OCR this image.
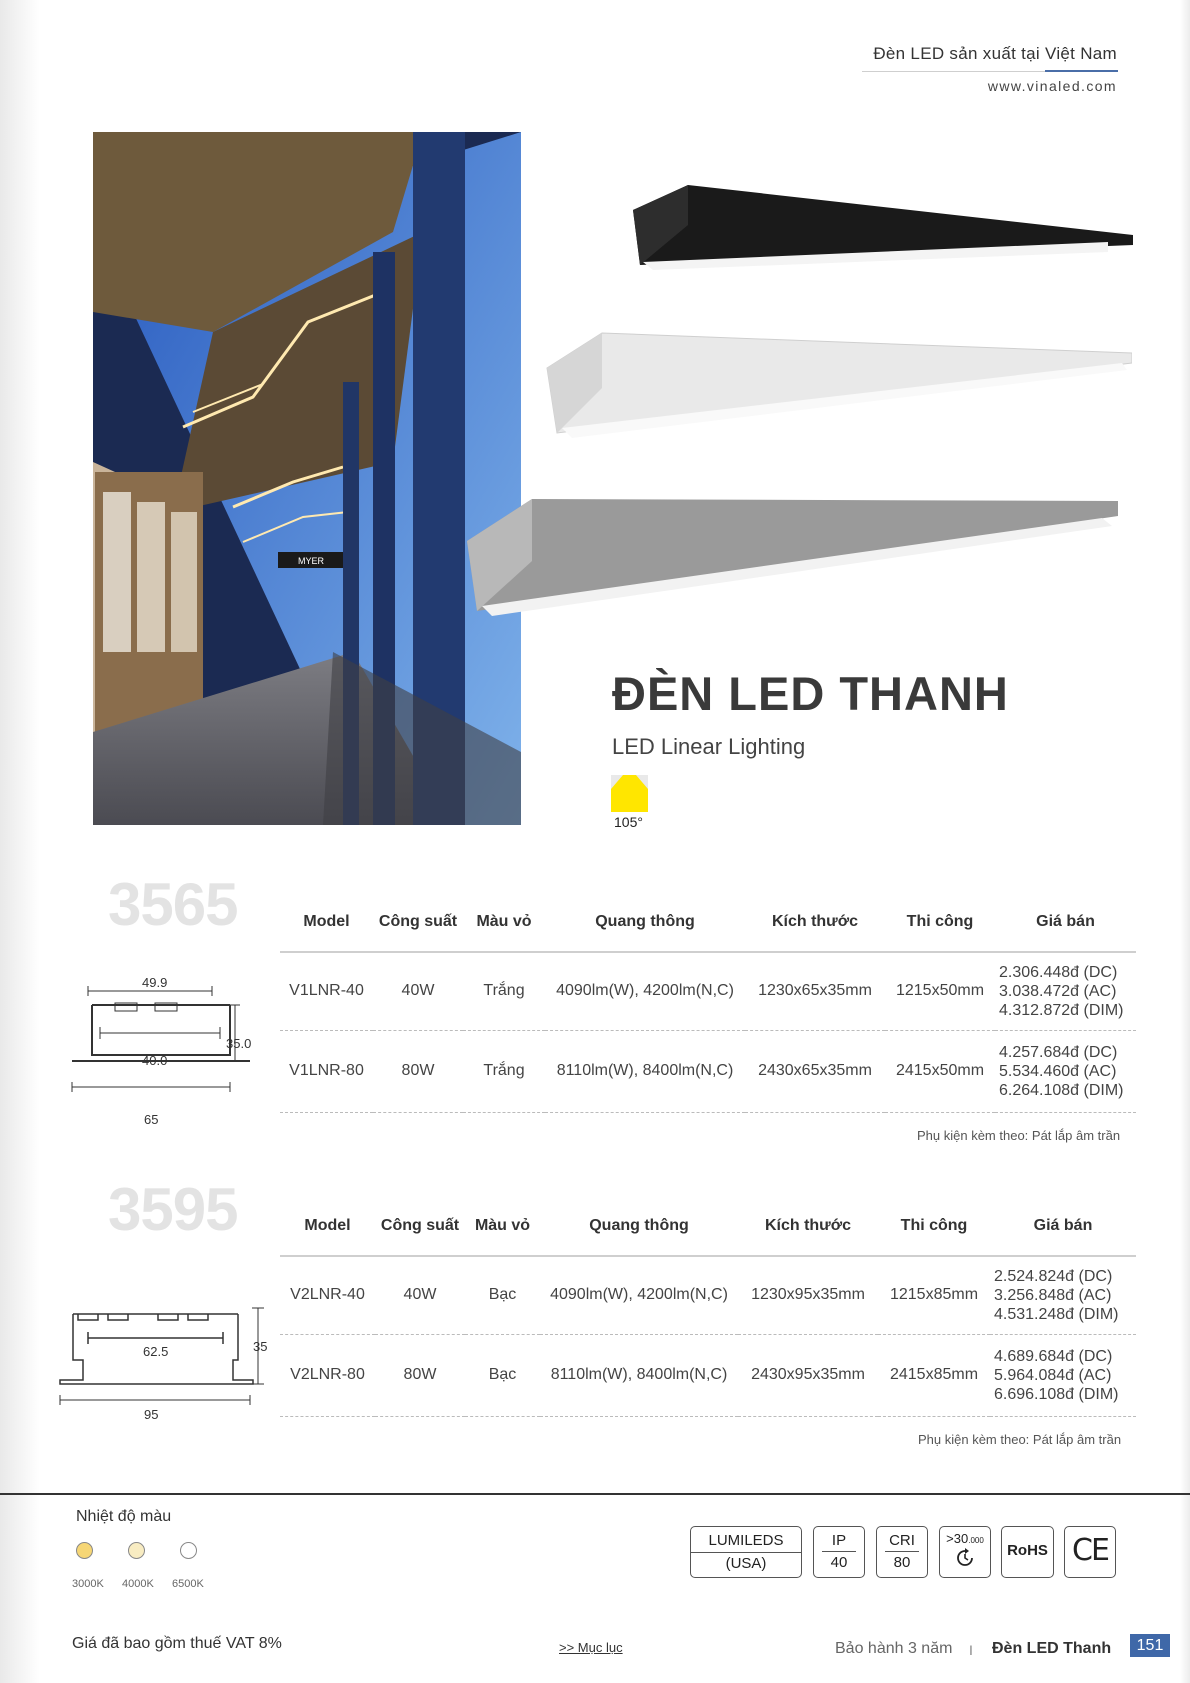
Đèn LED sản xuất tại Việt Nam
www.vinaled.com
MYER
ĐÈN LED THANH
LED Linear Lighting
105°
3565
49.9
40.0
35.0
65
Model	Công suất	Màu vỏ	Quang thông	Kích thước	Thi công	Giá bán
V1LNR-40	40W	Trắng	4090lm(W), 4200lm(N,C)	1230x65x35mm	1215x50mm	2.306.448đ (DC)
3.038.472đ (AC)
4.312.872đ (DIM)

V1LNR-80	80W	Trắng	8110lm(W), 8400lm(N,C)	2430x65x35mm	2415x50mm	4.257.684đ (DC)
5.534.460đ (AC)
6.264.108đ (DIM)
Phụ kiện kèm theo: Pát lắp âm trần
3595
62.5	35
95
Model	Công suất	Màu vỏ	Quang thông	Kích thước	Thi công	Giá bán
V2LNR-40	40W	Bạc	4090lm(W), 4200lm(N,C)	1230x95x35mm	1215x85mm	2.524.824đ (DC)
3.256.848đ (AC)
4.531.248đ (DIM)

V2LNR-80	80W	Bạc	8110lm(W), 8400lm(N,C)	2430x95x35mm	2415x85mm	4.689.684đ (DC)
5.964.084đ (AC)
6.696.108đ (DIM)
Phụ kiện kèm theo: Pát lắp âm trần
Nhiệt độ màu
3000K 4000K 6500K
LUMILEDS
(USA)
IP
40
CRI
80
>30.000
RoHS CE
Giá đã bao gồm thuế VAT 8%	>> Mục lục	Bảo hành 3 năm I Đèn LED Thanh	151
